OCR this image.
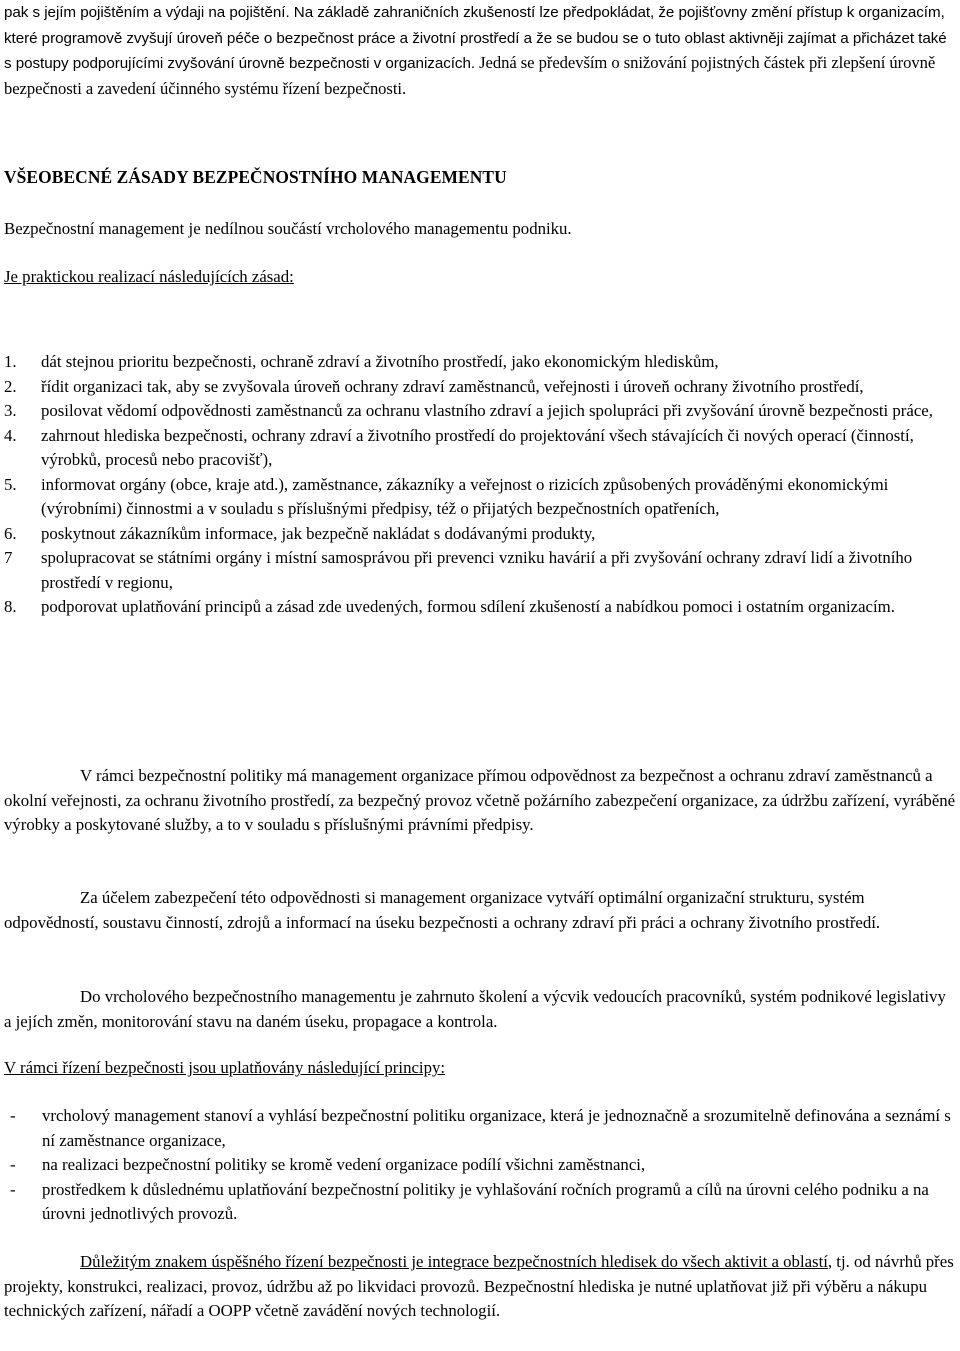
pak s jejím pojištěním a výdaji na pojištění. Na základě zahraničních zkušeností lze předpokládat, že pojišťovny změní přístup k organizacím, které programově zvyšují úroveň péče o bezpečnost práce a životní prostředí a že se budou se o tuto oblast aktivněji zajímat a přicházet také s postupy podporujícími zvyšování úrovně bezpečnosti v organizacích. Jedná se především o snižování pojistných částek při zlepšení úrovně bezpečnosti a zavedení účinného systému řízení bezpečnosti.

VŠEOBECNÉ ZÁSADY BEZPEČNOSTNÍHO MANAGEMENTU

Bezpečnostní management je nedílnou součástí vrcholového managementu podniku.

Je praktickou realizací následujících zásad:

1. dát stejnou prioritu bezpečnosti, ochraně zdraví a životního prostředí, jako ekonomickým hlediskům,
2. řídit organizaci tak, aby se zvyšovala úroveň ochrany zdraví zaměstnanců, veřejnosti i úroveň ochrany životního prostředí,
3. posilovat vědomí odpovědnosti zaměstnanců za ochranu vlastního zdraví a jejich spolupráci při zvyšování úrovně bezpečnosti práce,
4. zahrnout hlediska bezpečnosti, ochrany zdraví a životního prostředí do projektování všech stávajících či nových operací (činností, výrobků, procesů nebo pracovišť),
5. informovat orgány (obce, kraje atd.), zaměstnance, zákazníky a veřejnost o rizicích způsobených prováděnými ekonomickými (výrobními) činnostmi a v souladu s příslušnými předpisy, též o přijatých bezpečnostních opatřeních,
6. poskytnout zákazníkům informace, jak bezpečně nakládat s dodávanými produkty,
7 spolupracovat se státními orgány i místní samosprávou při prevenci vzniku havárií a při zvyšování ochrany zdraví lidí a životního prostředí v regionu,
8. podporovat uplatňování principů a zásad zde uvedených, formou sdílení zkušeností a nabídkou pomoci i ostatním organizacím.

V rámci bezpečnostní politiky má management organizace přímou odpovědnost za bezpečnost a ochranu zdraví zaměstnanců a okolní veřejnosti, za ochranu životního prostředí, za bezpečný provoz včetně požárního zabezpečení organizace, za údržbu zařízení, vyráběné výrobky a poskytované služby, a to v souladu s příslušnými právními předpisy.

Za účelem zabezpečení této odpovědnosti si management organizace vytváří optimální organizační strukturu, systém odpovědností, soustavu činností, zdrojů a informací na úseku bezpečnosti a ochrany zdraví při práci a ochrany životního prostředí.

Do vrcholového bezpečnostního managementu je zahrnuto školení a výcvik vedoucích pracovníků, systém podnikové legislativy a jejích změn, monitorování stavu na daném úseku, propagace a kontrola.

V rámci řízení bezpečnosti jsou uplatňovány následující principy:

- vrcholový management stanoví a vyhlásí bezpečnostní politiku organizace, která je jednoznačně a srozumitelně definována a seznámí s ní zaměstnance organizace,
- na realizaci bezpečnostní politiky se kromě vedení organizace podílí všichni zaměstnanci,
- prostředkem k důslednému uplatňování bezpečnostní politiky je vyhlašování ročních programů a cílů na úrovni celého podniku a na úrovni jednotlivých provozů.

Důležitým znakem úspěšného řízení bezpečnosti je integrace bezpečnostních hledisek do všech aktivit a oblastí, tj. od návrhů přes projekty, konstrukci, realizaci, provoz, údržbu až po likvidaci provozů. Bezpečnostní hlediska je nutné uplatňovat již při výběru a nákupu technických zařízení, nářadí a OOPP včetně zavádění nových technologií.
